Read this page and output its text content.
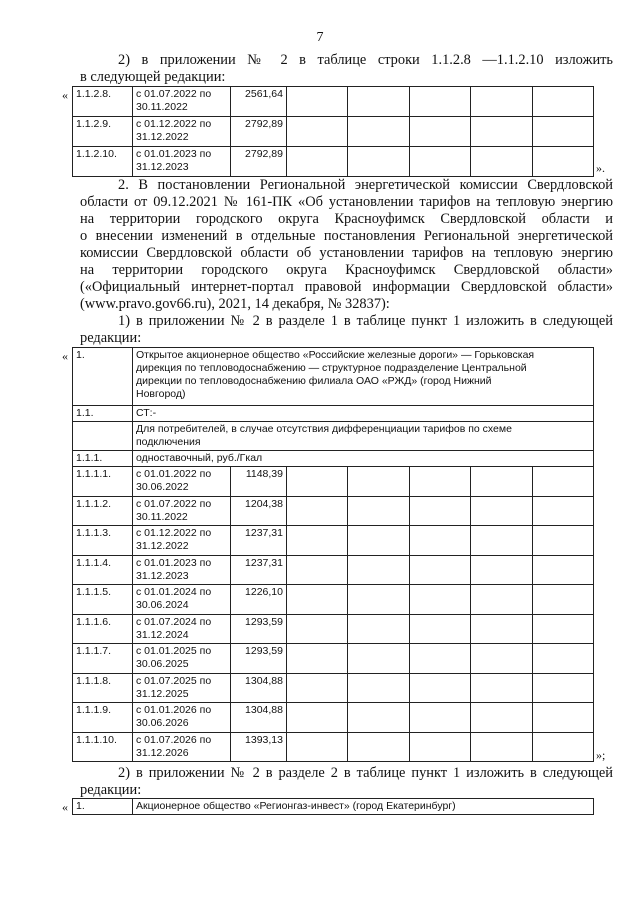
7
2) в приложении № 2 в таблице строки 1.1.2.8 —1.1.2.10 изложить
в следующей редакции:
« 1.1.2.8.	с 01.07.2022 по
30.11.2022	2561,64					
1.1.2.9.	с 01.12.2022 по
31.12.2022	2792,89					
1.1.2.10.	с 01.01.2023 по
31.12.2023	2792,89					
».
2. В постановлении Региональной энергетической комиссии Свердловской
области от 09.12.2021 № 161-ПК «Об установлении тарифов на тепловую энергию
на территории городского округа Красноуфимск Свердловской области и
о внесении изменений в отдельные постановления Региональной энергетической
комиссии Свердловской области об установлении тарифов на тепловую энергию
на территории городского округа Красноуфимск Свердловской области»
(«Официальный интернет-портал правовой информации Свердловской области»
(www.pravo.gov66.ru), 2021, 14 декабря, № 32837):
1) в приложении № 2 в разделе 1 в таблице пункт 1 изложить в следующей
редакции:
« 1.	Открытое акционерное общество «Российские железные дороги» — Горьковская
дирекция по тепловодоснабжению — структурное подразделение Центральной
дирекции по тепловодоснабжению филиала ОАО «РЖД» (город Нижний
Новгород)						
1.1.	СТ:-						
	Для потребителей, в случае отсутствия дифференциации тарифов по схеме
подключения						
1.1.1.	одноставочный, руб./Гкал						
1.1.1.1.	с 01.01.2022 по
30.06.2022	1148,39					
1.1.1.2.	с 01.07.2022 по
30.11.2022	1204,38					
1.1.1.3.	с 01.12.2022 по
31.12.2022	1237,31					
1.1.1.4.	с 01.01.2023 по
31.12.2023	1237,31					
1.1.1.5.	с 01.01.2024 по
30.06.2024	1226,10					
1.1.1.6.	с 01.07.2024 по
31.12.2024	1293,59					
1.1.1.7.	с 01.01.2025 по
30.06.2025	1293,59					
1.1.1.8.	с 01.07.2025 по
31.12.2025	1304,88					
1.1.1.9.	с 01.01.2026 по
30.06.2026	1304,88					
1.1.1.10.	с 01.07.2026 по
31.12.2026	1393,13					
»;
2) в приложении № 2 в разделе 2 в таблице пункт 1 изложить в следующей
редакции:
« 1.	Акционерное общество «Регионгаз-инвест» (город Екатеринбург)
